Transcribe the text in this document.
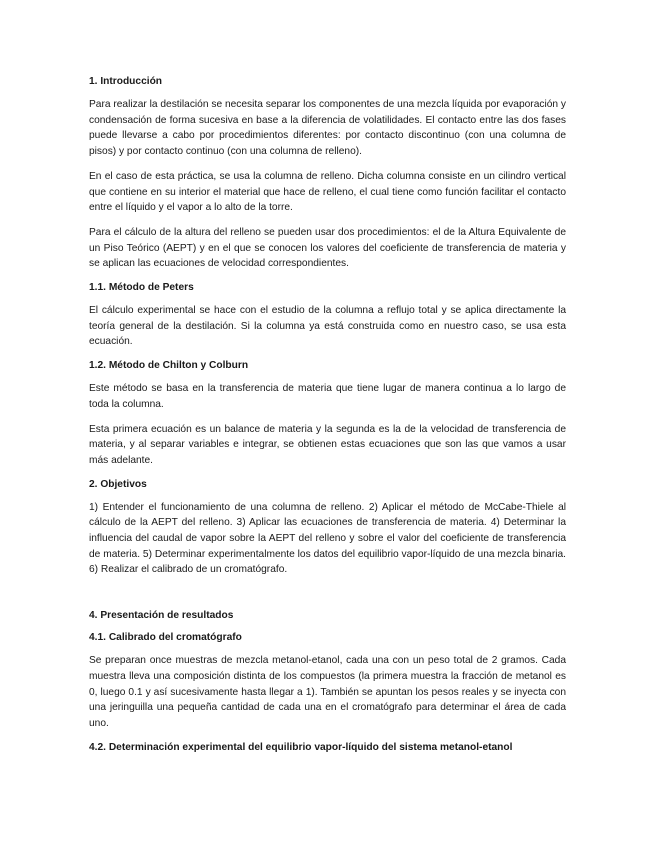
1. Introducción

Para realizar la destilación se necesita separar los componentes de una mezcla líquida por evaporación y condensación de forma sucesiva en base a la diferencia de volatilidades. El contacto entre las dos fases puede llevarse a cabo por procedimientos diferentes: por contacto discontinuo (con una columna de pisos) y por contacto continuo (con una columna de relleno).

En el caso de esta práctica, se usa la columna de relleno. Dicha columna consiste en un cilindro vertical que contiene en su interior el material que hace de relleno, el cual tiene como función facilitar el contacto entre el líquido y el vapor a lo alto de la torre.

Para el cálculo de la altura del relleno se pueden usar dos procedimientos: el de la Altura Equivalente de un Piso Teórico (AEPT) y en el que se conocen los valores del coeficiente de transferencia de materia y se aplican las ecuaciones de velocidad correspondientes.

1.1. Método de Peters

El cálculo experimental se hace con el estudio de la columna a reflujo total y se aplica directamente la teoría general de la destilación. Si la columna ya está construida como en nuestro caso, se usa esta ecuación.

1.2. Método de Chilton y Colburn

Este método se basa en la transferencia de materia que tiene lugar de manera continua a lo largo de toda la columna.

Esta primera ecuación es un balance de materia y la segunda es la de la velocidad de transferencia de materia, y al separar variables e integrar, se obtienen estas ecuaciones que son las que vamos a usar más adelante.

2. Objetivos

1) Entender el funcionamiento de una columna de relleno. 2) Aplicar el método de McCabe-Thiele al cálculo de la AEPT del relleno. 3) Aplicar las ecuaciones de transferencia de materia. 4) Determinar la influencia del caudal de vapor sobre la AEPT del relleno y sobre el valor del coeficiente de transferencia de materia. 5) Determinar experimentalmente los datos del equilibrio vapor-líquido de una mezcla binaria. 6) Realizar el calibrado de un cromatógrafo.

4. Presentación de resultados
4.1. Calibrado del cromatógrafo

Se preparan once muestras de mezcla metanol-etanol, cada una con un peso total de 2 gramos. Cada muestra lleva una composición distinta de los compuestos (la primera muestra la fracción de metanol es 0, luego 0.1 y así sucesivamente hasta llegar a 1). También se apuntan los pesos reales y se inyecta con una jeringuilla una pequeña cantidad de cada una en el cromatógrafo para determinar el área de cada uno.

4.2. Determinación experimental del equilibrio vapor-líquido del sistema metanol-etanol
